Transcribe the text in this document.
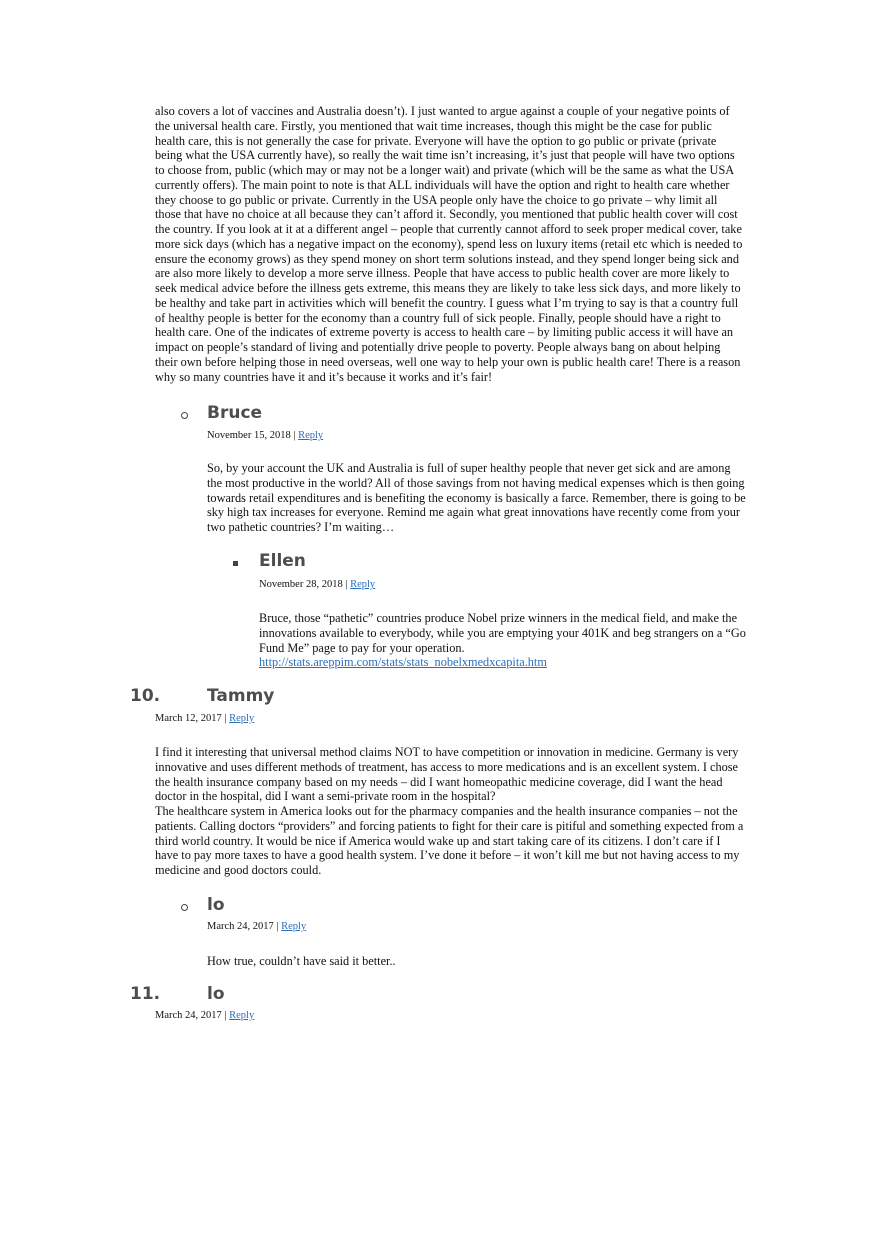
also covers a lot of vaccines and Australia doesn’t). I just wanted to argue against a couple of your negative points of
the universal health care. Firstly, you mentioned that wait time increases, though this might be the case for public
health care, this is not generally the case for private. Everyone will have the option to go public or private (private
being what the USA currently have), so really the wait time isn’t increasing, it’s just that people will have two options
to choose from, public (which may or may not be a longer wait) and private (which will be the same as what the USA
currently offers). The main point to note is that ALL individuals will have the option and right to health care whether
they choose to go public or private. Currently in the USA people only have the choice to go private – why limit all
those that have no choice at all because they can’t afford it. Secondly, you mentioned that public health cover will cost
the country. If you look at it at a different angel – people that currently cannot afford to seek proper medical cover, take
more sick days (which has a negative impact on the economy), spend less on luxury items (retail etc which is needed to
ensure the economy grows) as they spend money on short term solutions instead, and they spend longer being sick and
are also more likely to develop a more serve illness. People that have access to public health cover are more likely to
seek medical advice before the illness gets extreme, this means they are likely to take less sick days, and more likely to
be healthy and take part in activities which will benefit the country. I guess what I’m trying to say is that a country full
of healthy people is better for the economy than a country full of sick people. Finally, people should have a right to
health care. One of the indicates of extreme poverty is access to health care – by limiting public access it will have an
impact on people’s standard of living and potentially drive people to poverty. People always bang on about helping
their own before helping those in need overseas, well one way to help your own is public health care! There is a reason
why so many countries have it and it’s because it works and it’s fair!

Bruce
November 15, 2018 | Reply

So, by your account the UK and Australia is full of super healthy people that never get sick and are among
the most productive in the world? All of those savings from not having medical expenses which is then going
towards retail expenditures and is benefiting the economy is basically a farce. Remember, there is going to be
sky high tax increases for everyone. Remind me again what great innovations have recently come from your
two pathetic countries? I’m waiting…

Ellen
November 28, 2018 | Reply

Bruce, those “pathetic” countries produce Nobel prize winners in the medical field, and make the
innovations available to everybody, while you are emptying your 401K and beg strangers on a “Go
Fund Me” page to pay for your operation.

http://stats.areppim.com/stats/stats_nobelxmedxcapita.htm
10.	Tammy
March 12, 2017 | Reply

I find it interesting that universal method claims NOT to have competition or innovation in medicine. Germany is very
innovative and uses different methods of treatment, has access to more medications and is an excellent system. I chose
the health insurance company based on my needs – did I want homeopathic medicine coverage, did I want the head
doctor in the hospital, did I want a semi-private room in the hospital?
The healthcare system in America looks out for the pharmacy companies and the health insurance companies – not the
patients. Calling doctors “providers” and forcing patients to fight for their care is pitiful and something expected from a
third world country. It would be nice if America would wake up and start taking care of its citizens. I don’t care if I
have to pay more taxes to have a good health system. I’ve done it before – it won’t kill me but not having access to my
medicine and good doctors could.

lo
March 24, 2017 | Reply

How true, couldn’t have said it better..

11.	lo
March 24, 2017 | Reply
